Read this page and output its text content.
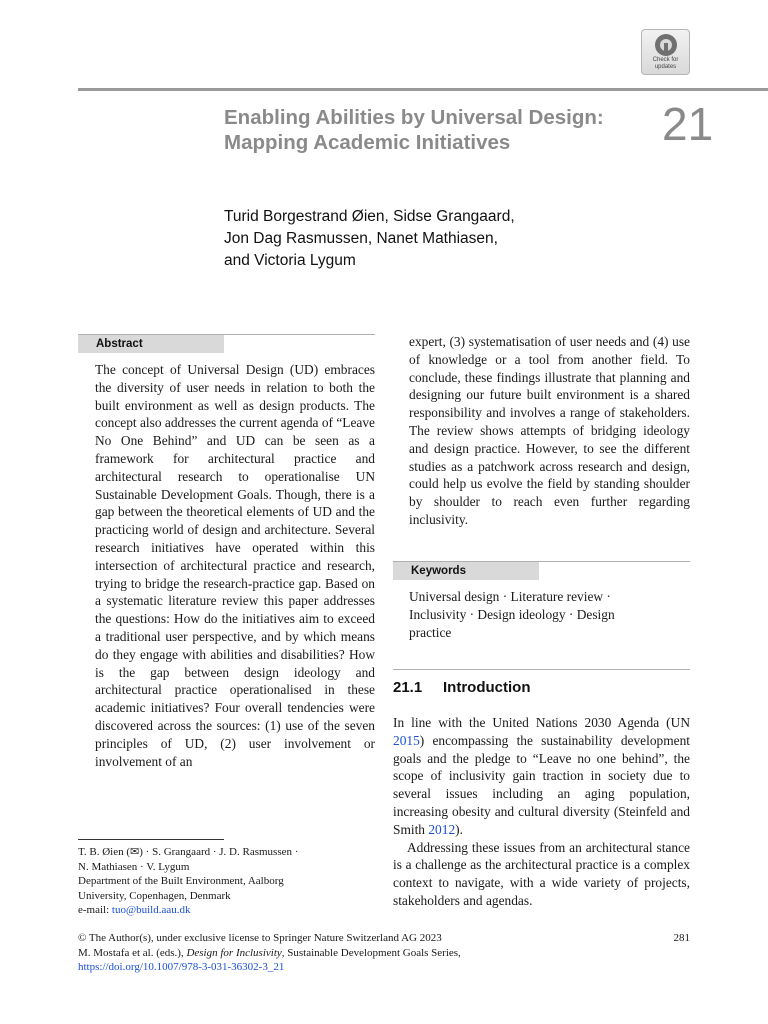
Check for
updates
Enabling Abilities by Universal Design: Mapping Academic Initiatives	21
Turid Borgestrand Øien, Sidse Grangaard,
Jon Dag Rasmussen, Nanet Mathiasen,
and Victoria Lygum
Abstract

The concept of Universal Design (UD) embraces the diversity of user needs in relation to both the built environment as well as design products. The concept also addresses the current agenda of “Leave No One Behind” and UD can be seen as a framework for architectural practice and architectural research to operationalise UN Sustainable Development Goals. Though, there is a gap between the theoretical elements of UD and the practicing world of design and architecture. Several research initiatives have operated within this intersection of architectural practice and research, trying to bridge the research-practice gap. Based on a systematic literature review this paper addresses the questions: How do the initiatives aim to exceed a traditional user perspective, and by which means do they engage with abilities and disabilities? How is the gap between design ideology and architectural practice operationalised in these academic initiatives? Four overall tendencies were discovered across the sources: (1) use of the seven principles of UD, (2) user involvement or involvement of an

expert, (3) systematisation of user needs and (4) use of knowledge or a tool from another field. To conclude, these findings illustrate that planning and designing our future built environment is a shared responsibility and involves a range of stakeholders. The review shows attempts of bridging ideology and design practice. However, to see the different studies as a patchwork across research and design, could help us evolve the field by standing shoulder by shoulder to reach even further regarding inclusivity.

Keywords
Universal design · Literature review ·
Inclusivity · Design ideology · Design
practice
21.1 Introduction

In line with the United Nations 2030 Agenda (UN 2015) encompassing the sustainability development goals and the pledge to “Leave no one behind”, the scope of inclusivity gain traction in society due to several issues including an aging population, increasing obesity and cultural diversity (Steinfeld and Smith 2012).

Addressing these issues from an architectural stance is a challenge as the architectural practice is a complex context to navigate, with a wide variety of projects, stakeholders and agendas.

T. B. Øien (✉) · S. Grangaard · J. D. Rasmussen ·
N. Mathiasen · V. Lygum
Department of the Built Environment, Aalborg
University, Copenhagen, Denmark
e-mail: tuo@build.aau.dk
© The Author(s), under exclusive license to Springer Nature Switzerland AG 2023
M. Mostafa et al. (eds.), Design for Inclusivity, Sustainable Development Goals Series,
https://doi.org/10.1007/978-3-031-36302-3_21
281
